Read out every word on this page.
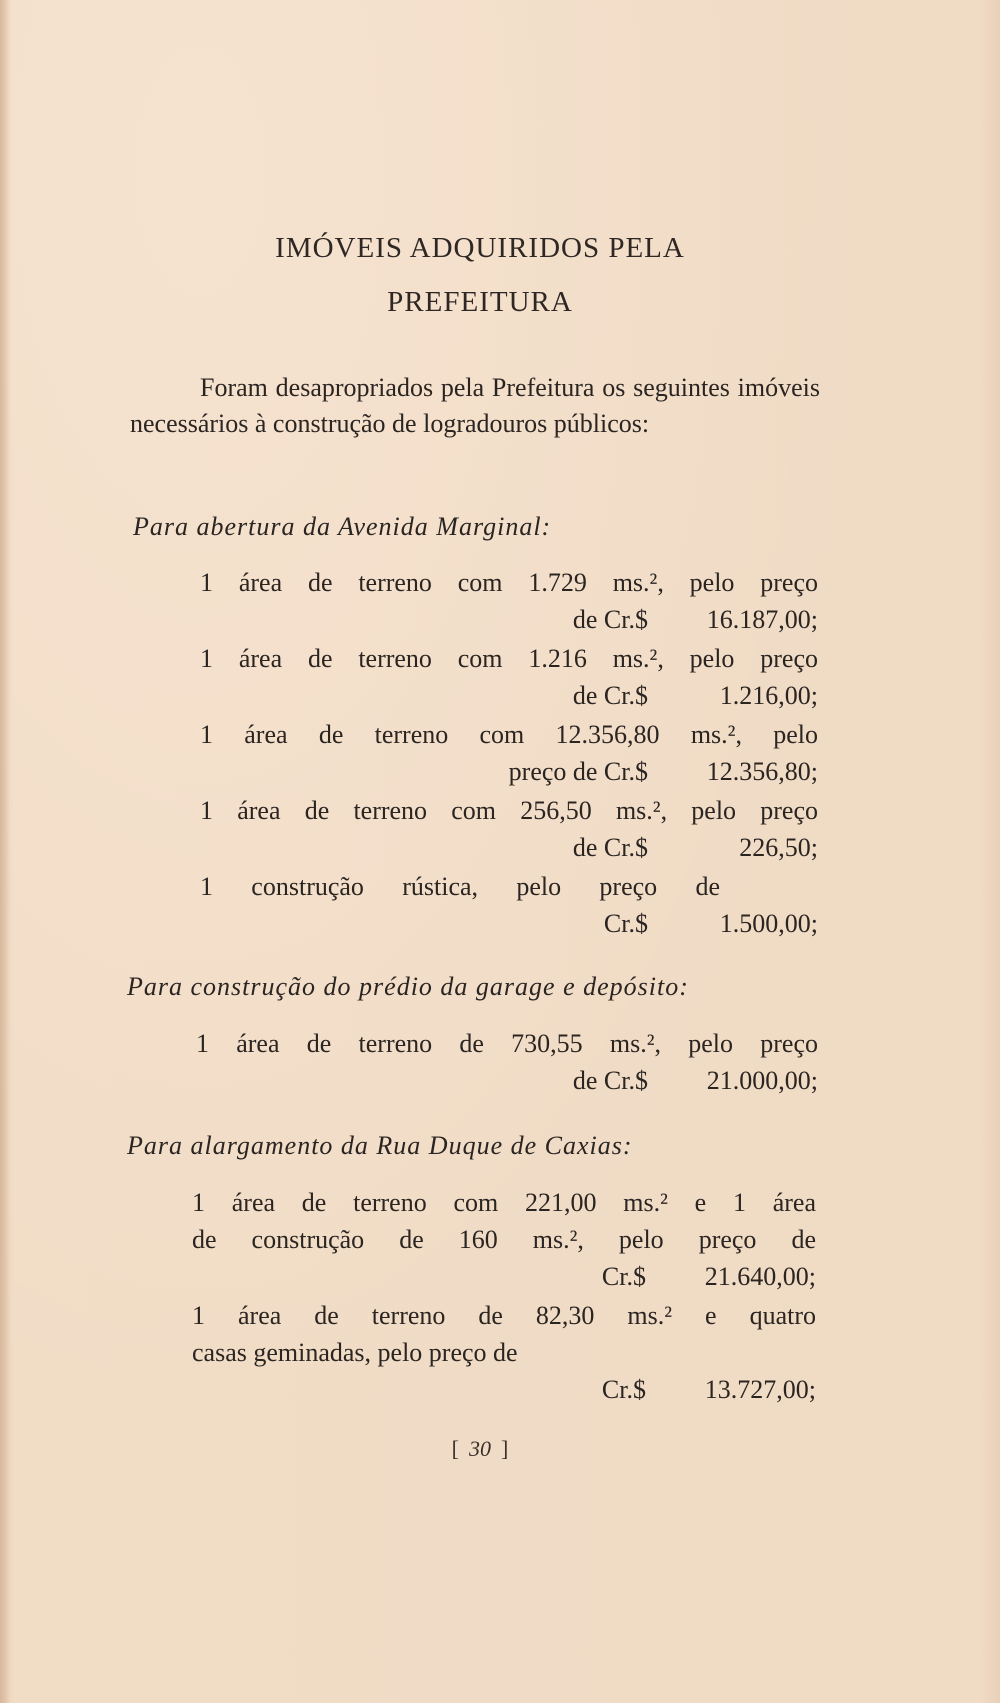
IMÓVEIS ADQUIRIDOS PELA
PREFEITURA
Foram desapropriados pela Prefeitura os seguintes imóveis necessários à construção de logradouros públicos:
Para abertura da Avenida Marginal:
1 área de terreno com 1.729 ms.², pelo preço
de Cr.$ 16.187,00;
1 área de terreno com 1.216 ms.², pelo preço
de Cr.$	1.216,00;
1 área de terreno com 12.356,80 ms.², pelo
preço de Cr.$ 12.356,80;
1 área de terreno com 256,50 ms.², pelo preço
de Cr.$	226,50;
1 construção rústica, pelo preço de
Cr.$	1.500,00;
Para construção do prédio da garage e depósito:
1 área de terreno de 730,55 ms.², pelo preço
de Cr.$ 21.000,00;
Para alargamento da Rua Duque de Caxias:
1 área de terreno com 221,00 ms.² e 1 área
de construção de 160 ms.², pelo preço de
Cr.$ 21.640,00;
1 área de terreno de 82,30 ms.² e quatro
casas geminadas, pelo preço de
Cr.$ 13.727,00;
[ 30 ]
